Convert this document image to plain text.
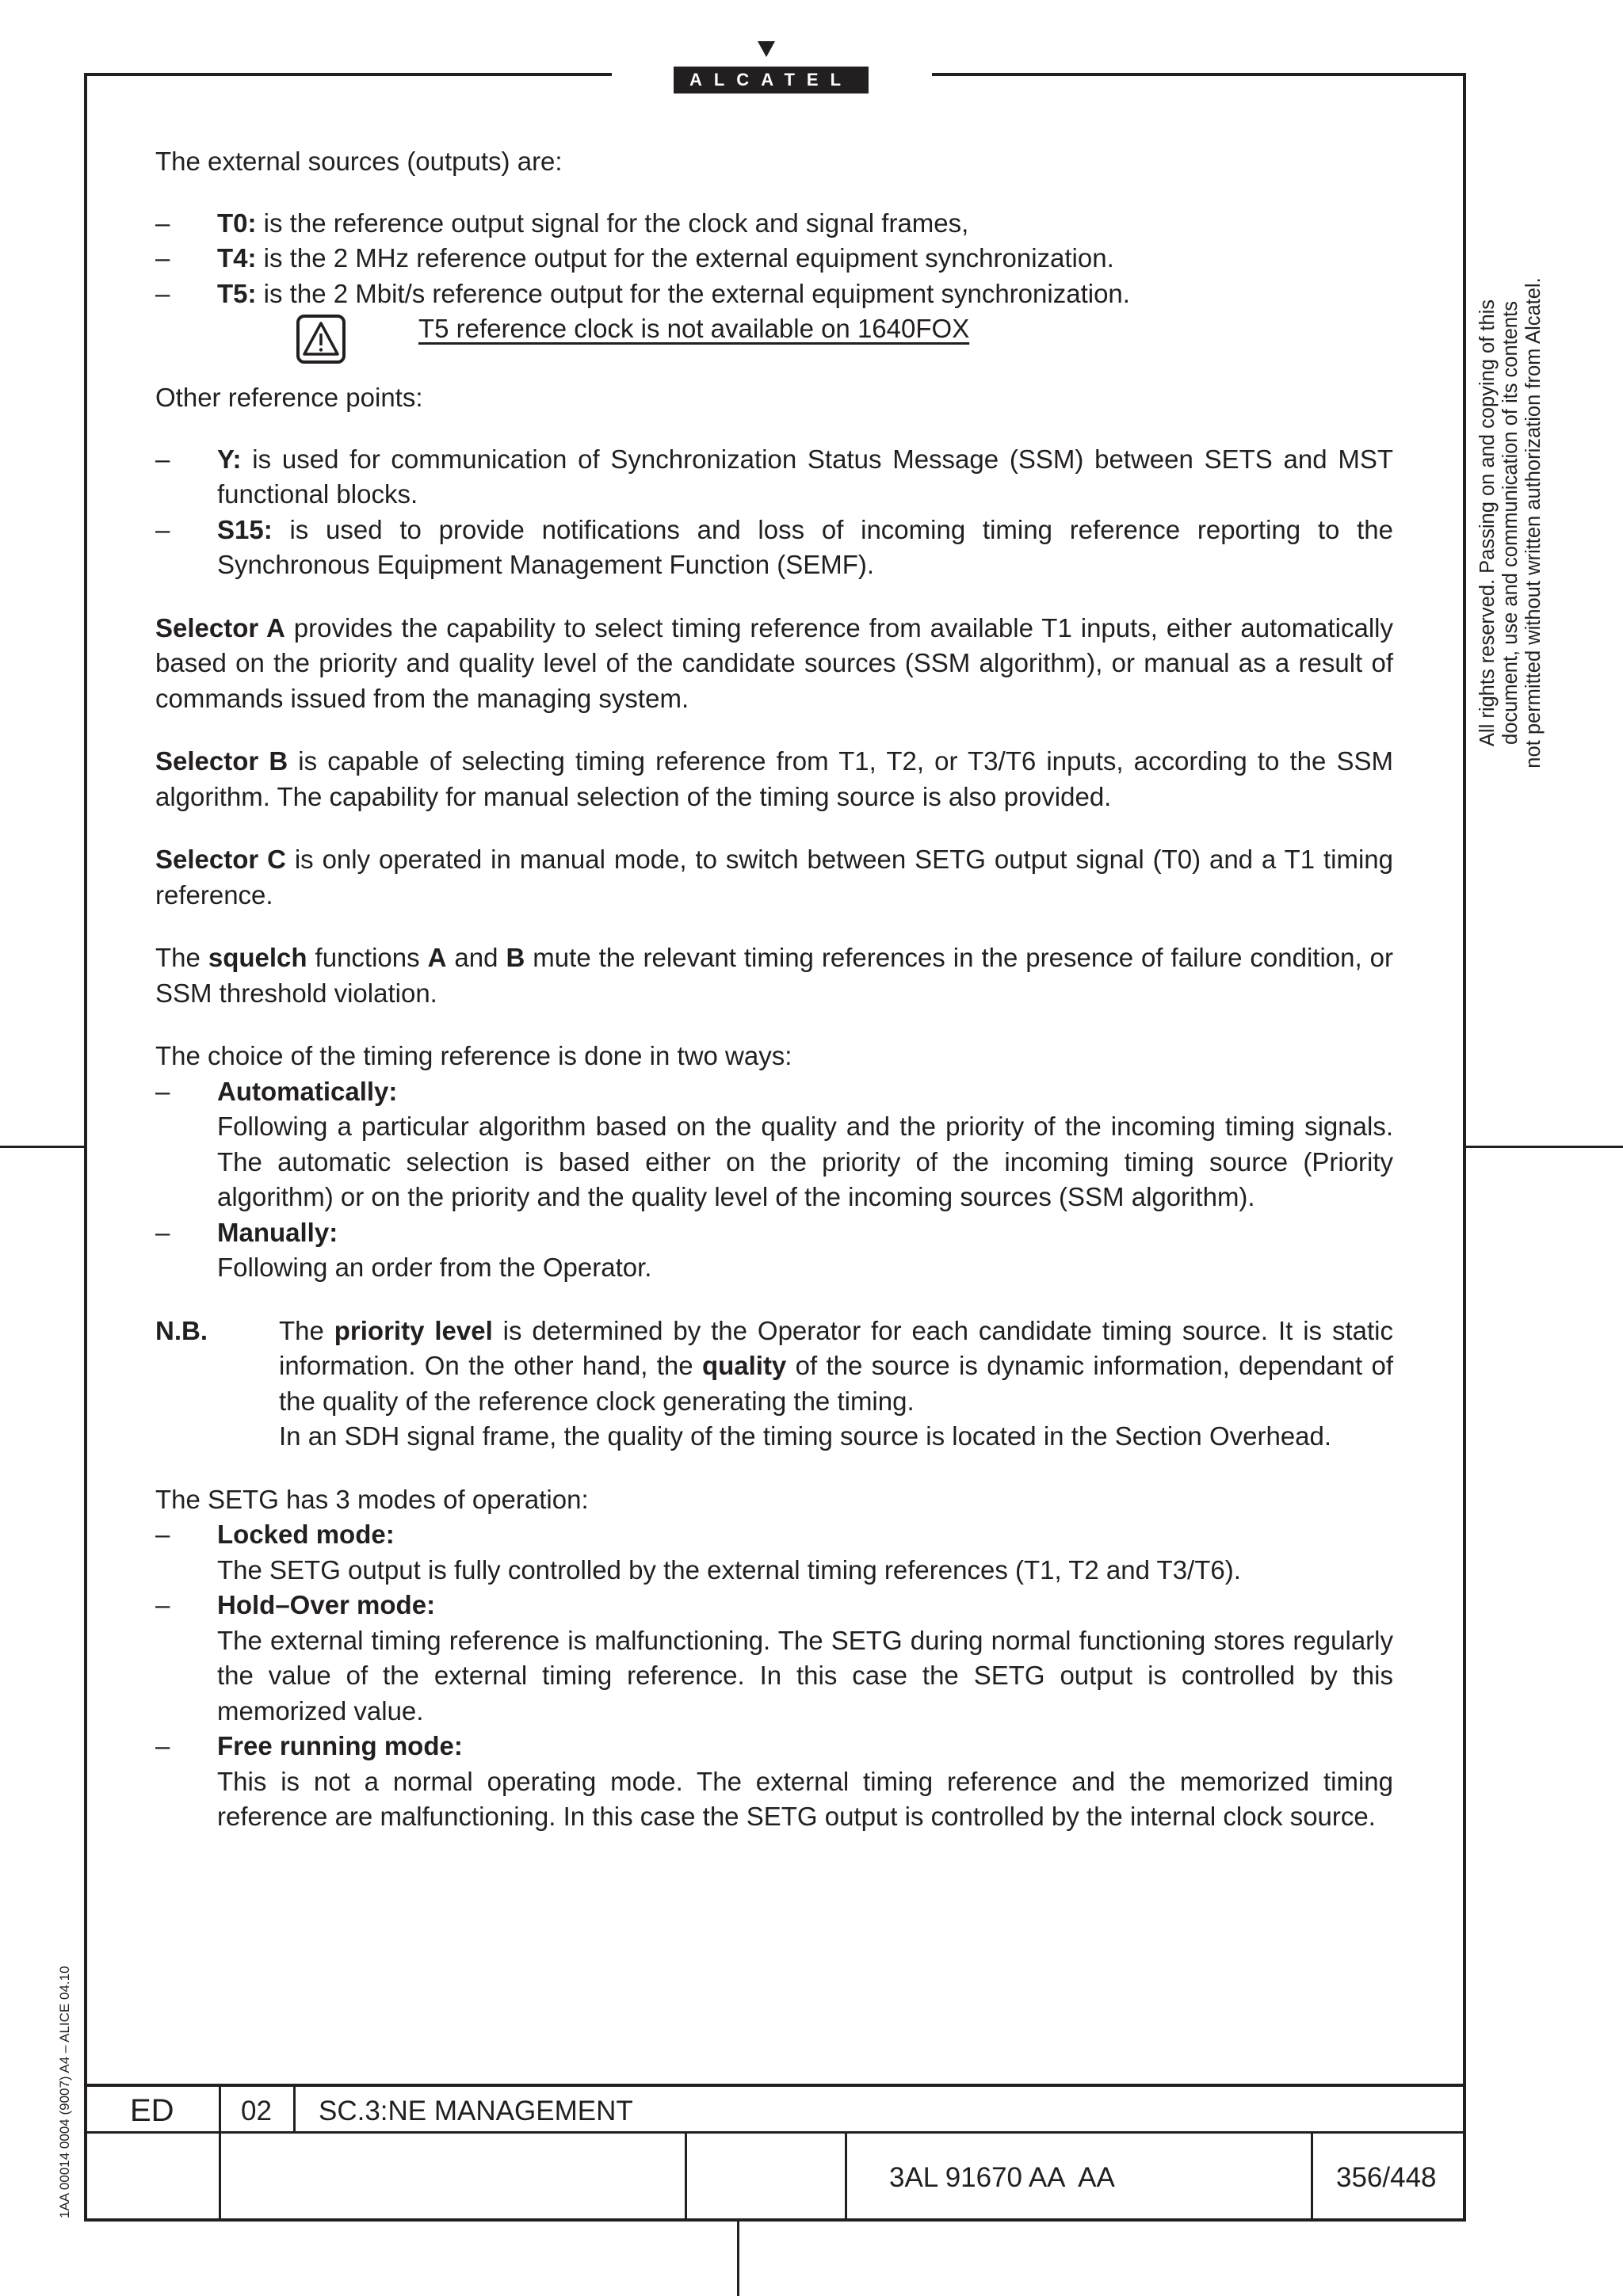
ALCATEL
All rights reserved. Passing on and copying of this document, use and communication of its contents not permitted without written authorization from Alcatel.
1AA 00014 0004 (9007) A4 – ALICE 04.10

The external sources (outputs) are:

– T0: is the reference output signal for the clock and signal frames,
– T4: is the 2 MHz reference output for the external equipment synchronization.
– T5: is the 2 Mbit/s reference output for the external equipment synchronization.
T5 reference clock is not available on 1640FOX

Other reference points:

– Y: is used for communication of Synchronization Status Message (SSM) between SETS and MST functional blocks.
– S15: is used to provide notifications and loss of incoming timing reference reporting to the Synchronous Equipment Management Function (SEMF).

Selector A provides the capability to select timing reference from available T1 inputs, either automatically based on the priority and quality level of the candidate sources (SSM algorithm), or manual as a result of commands issued from the managing system.

Selector B is capable of selecting timing reference from T1, T2, or T3/T6 inputs, according to the SSM algorithm. The capability for manual selection of the timing source is also provided.

Selector C is only operated in manual mode, to switch between SETG output signal (T0) and a T1 timing reference.

The squelch functions A and B mute the relevant timing references in the presence of failure condition, or SSM threshold violation.

The choice of the timing reference is done in two ways:

– Automatically:
Following a particular algorithm based on the quality and the priority of the incoming timing signals. The automatic selection is based either on the priority of the incoming timing source (Priority algorithm) or on the priority and the quality level of the incoming sources (SSM algorithm).
– Manually:
Following an order from the Operator.
N.B.	The priority level is determined by the Operator for each candidate timing source. It is static information. On the other hand, the quality of the source is dynamic information, dependant of the quality of the reference clock generating the timing.
In an SDH signal frame, the quality of the timing source is located in the Section Overhead.

The SETG has 3 modes of operation:

– Locked mode:
The SETG output is fully controlled by the external timing references (T1, T2 and T3/T6).
– Hold–Over mode:
The external timing reference is malfunctioning. The SETG during normal functioning stores regularly the value of the external timing reference. In this case the SETG output is controlled by this memorized value.
– Free running mode:
This is not a normal operating mode. The external timing reference and the memorized timing reference are malfunctioning. In this case the SETG output is controlled by the internal clock source.
ED 02 SC.3:NE MANAGEMENT
3AL 91670 AA  AA	356/448
